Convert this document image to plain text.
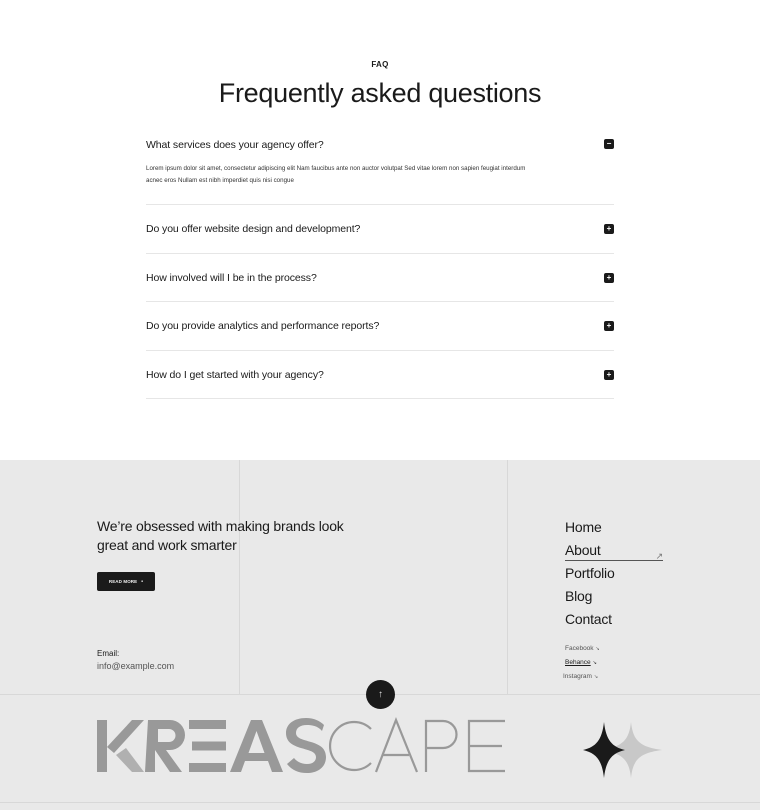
FAQ
Frequently asked questions
What services does your agency offer?	−

Lorem ipsum dolor sit amet, consectetur adipiscing elit Nam faucibus ante non auctor volutpat Sed vitae lorem non sapien feugiat interdum acnec eros Nullam est nibh imperdiet quis nisi congue

Do you offer website design and development?	+
How involved will I be in the process?	+
Do you provide analytics and performance reports?	+
How do I get started with your agency?	+

We’re obsessed with making brands look great and work smarter

READ MORE •
Email:
info@example.com
Home
About	↗
Portfolio
Blog
Contact
Facebook ↘
Behance ↘
Instagram ↘
↑
